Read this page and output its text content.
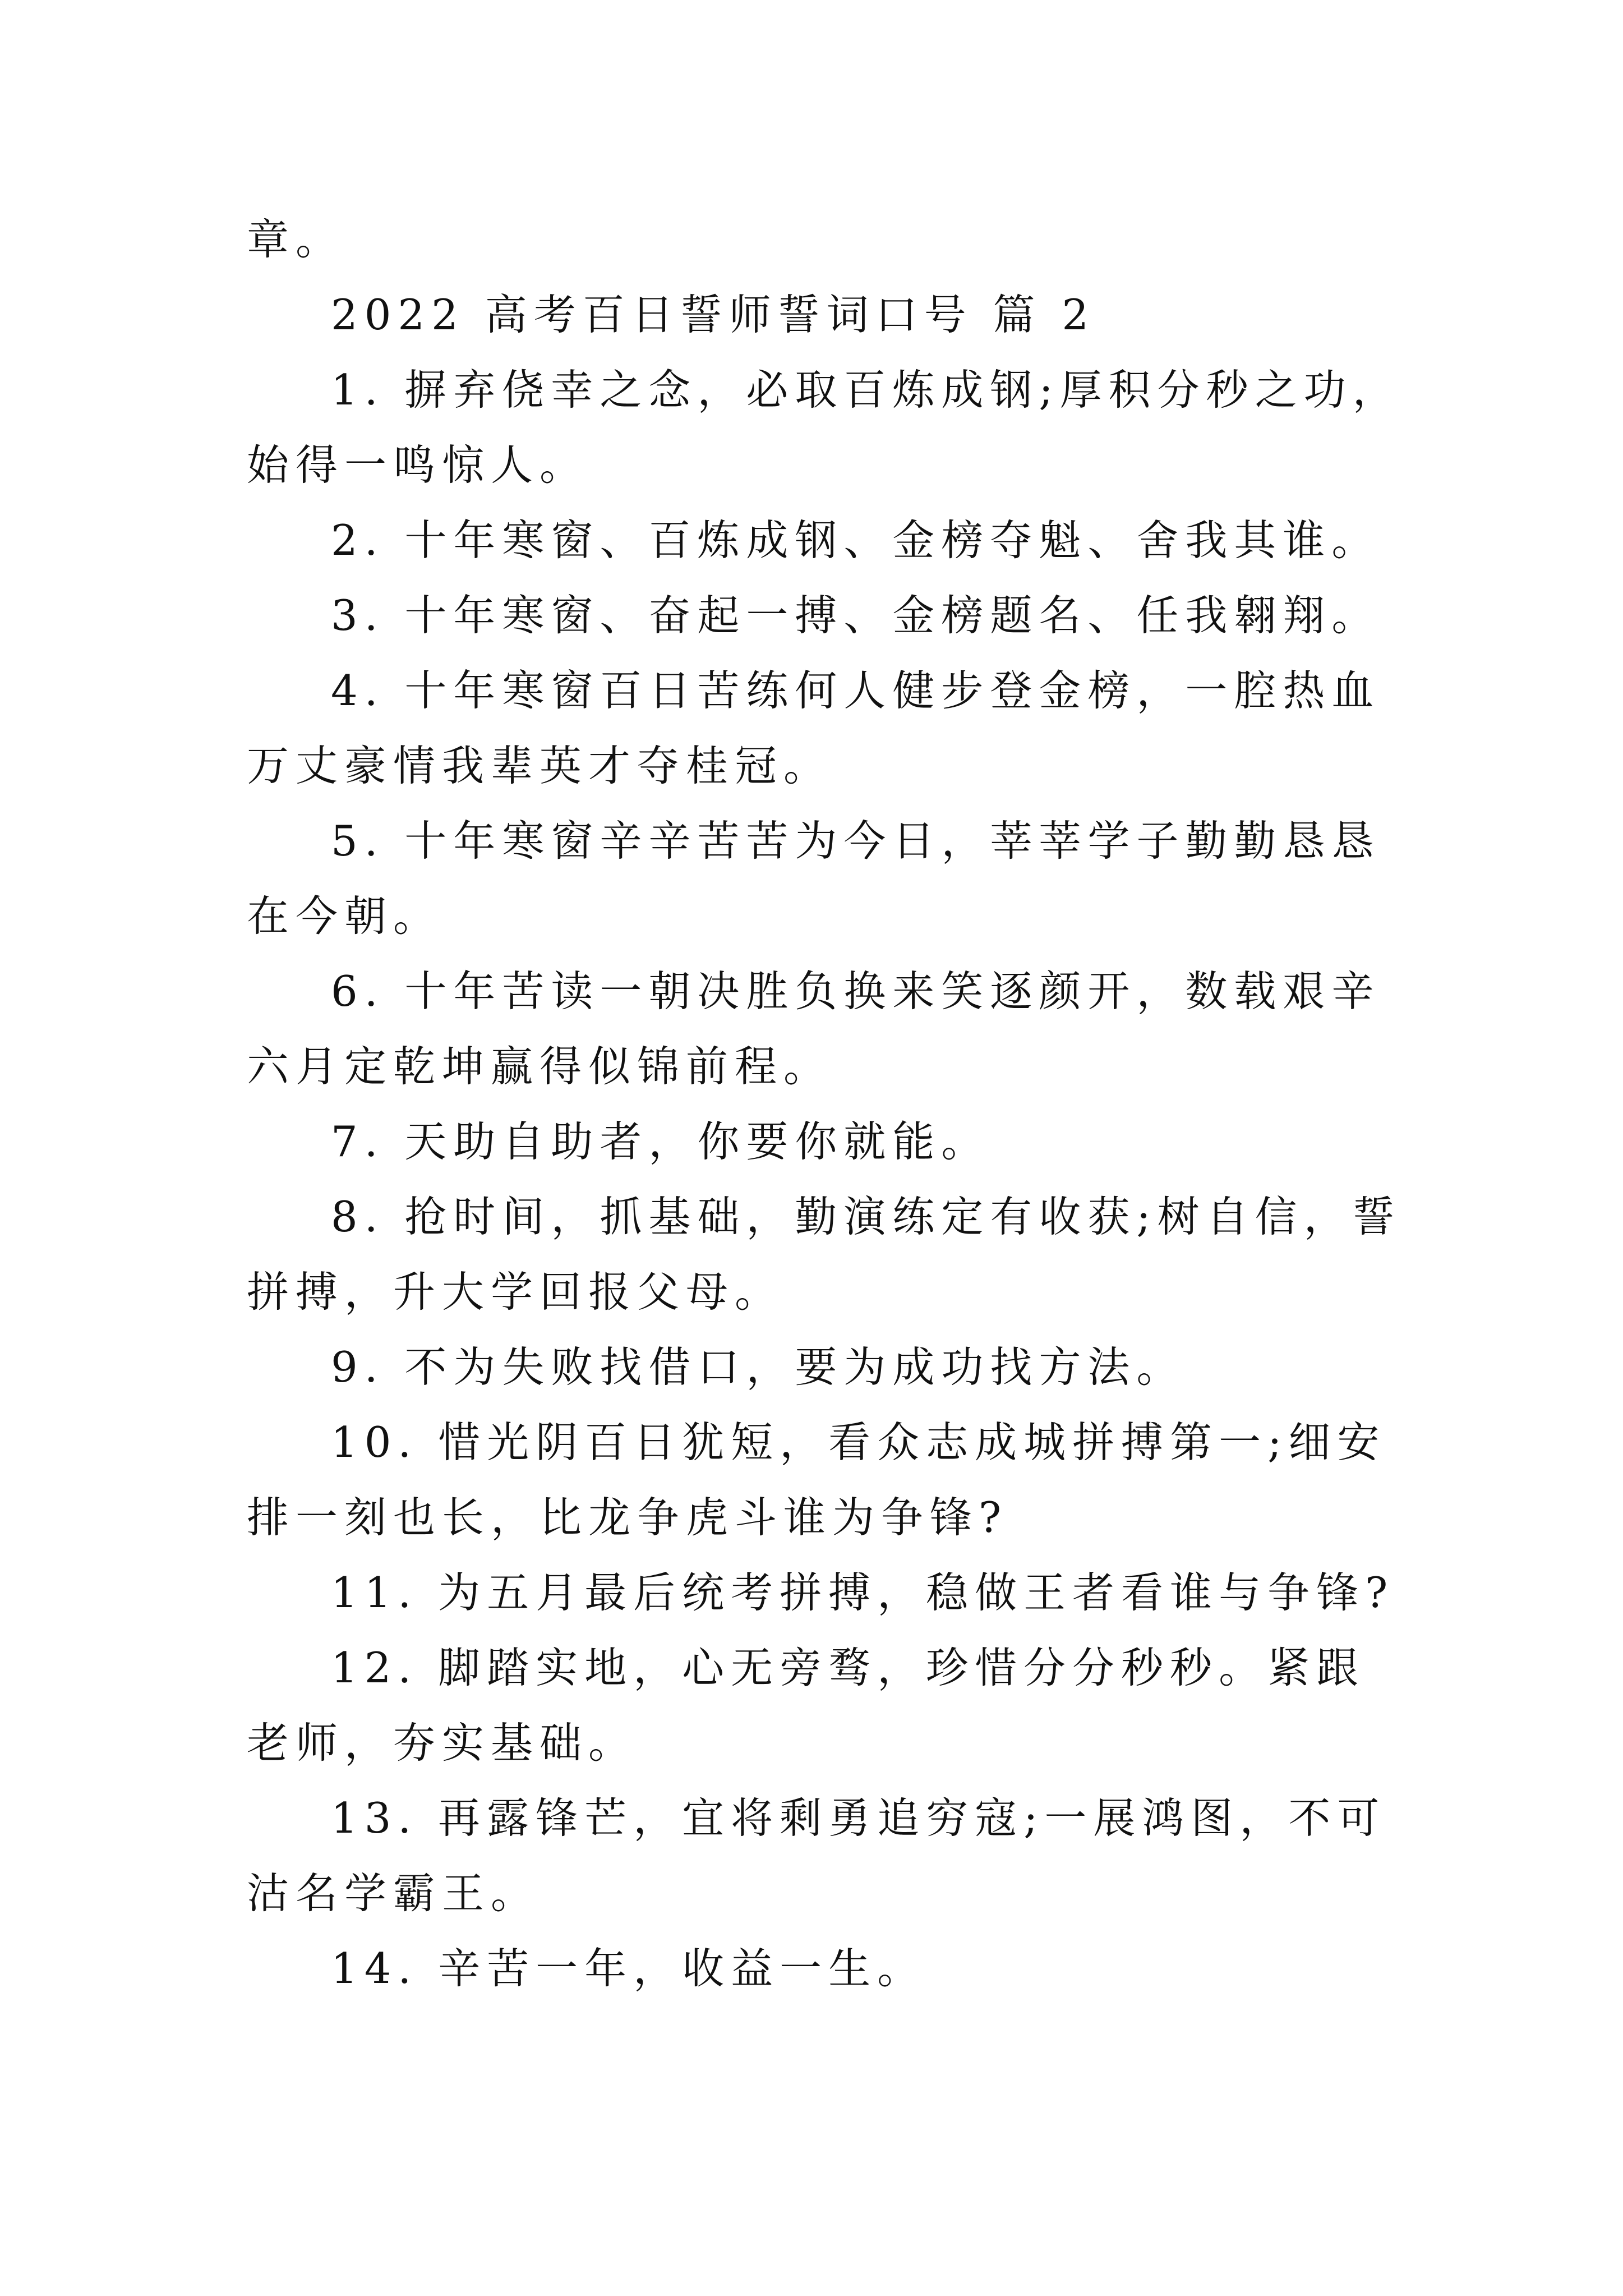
章。

2022 高考百日誓师誓词口号 篇 2

1. 摒弃侥幸之念，必取百炼成钢;厚积分秒之功，始得一鸣惊人。

2. 十年寒窗、百炼成钢、金榜夺魁、舍我其谁。

3. 十年寒窗、奋起一搏、金榜题名、任我翱翔。

4. 十年寒窗百日苦练何人健步登金榜，一腔热血万丈豪情我辈英才夺桂冠。

5. 十年寒窗辛辛苦苦为今日，莘莘学子勤勤恳恳在今朝。

6. 十年苦读一朝决胜负换来笑逐颜开，数载艰辛六月定乾坤赢得似锦前程。

7. 天助自助者，你要你就能。

8. 抢时间，抓基础，勤演练定有收获;树自信，誓拼搏，升大学回报父母。

9. 不为失败找借口，要为成功找方法。

10. 惜光阴百日犹短，看众志成城拼搏第一;细安排一刻也长，比龙争虎斗谁为争锋?

11. 为五月最后统考拼搏，稳做王者看谁与争锋?

12. 脚踏实地，心无旁骛，珍惜分分秒秒。紧跟老师，夯实基础。

13. 再露锋芒，宜将剩勇追穷寇;一展鸿图，不可沽名学霸王。

14. 辛苦一年，收益一生。
